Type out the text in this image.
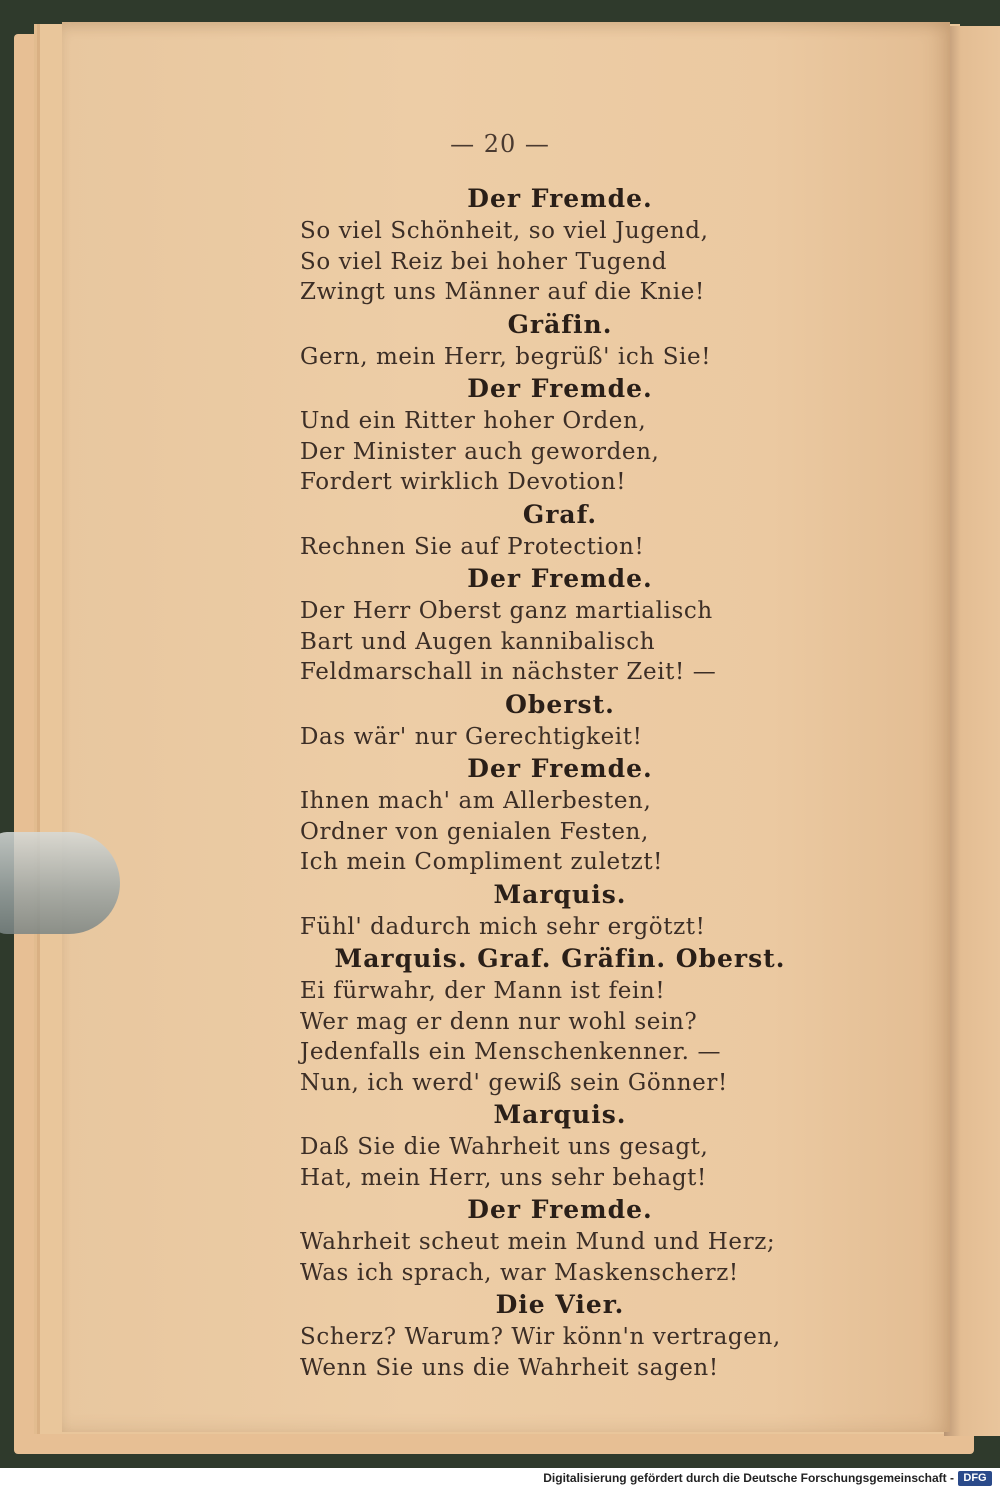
— 20 —
Der Fremde.
So viel Schönheit, so viel Jugend,
So viel Reiz bei hoher Tugend
Zwingt uns Männer auf die Knie!
Gräfin.
Gern, mein Herr, begrüß' ich Sie!
Der Fremde.
Und ein Ritter hoher Orden,
Der Minister auch geworden,
Fordert wirklich Devotion!
Graf.
Rechnen Sie auf Protection!
Der Fremde.
Der Herr Oberst ganz martialisch
Bart und Augen kannibalisch
Feldmarschall in nächster Zeit! —
Oberst.
Das wär' nur Gerechtigkeit!
Der Fremde.
Ihnen mach' am Allerbesten,
Ordner von genialen Festen,
Ich mein Compliment zuletzt!
Marquis.
Fühl' dadurch mich sehr ergötzt!
Marquis. Graf. Gräfin. Oberst.
Ei fürwahr, der Mann ist fein!
Wer mag er denn nur wohl sein?
Jedenfalls ein Menschenkenner. —
Nun, ich werd' gewiß sein Gönner!
Marquis.
Daß Sie die Wahrheit uns gesagt,
Hat, mein Herr, uns sehr behagt!
Der Fremde.
Wahrheit scheut mein Mund und Herz;
Was ich sprach, war Maskenscherz!
Die Vier.
Scherz? Warum? Wir könn'n vertragen,
Wenn Sie uns die Wahrheit sagen!
Digitalisierung gefördert durch die Deutsche Forschungsgemeinschaft - DFG
